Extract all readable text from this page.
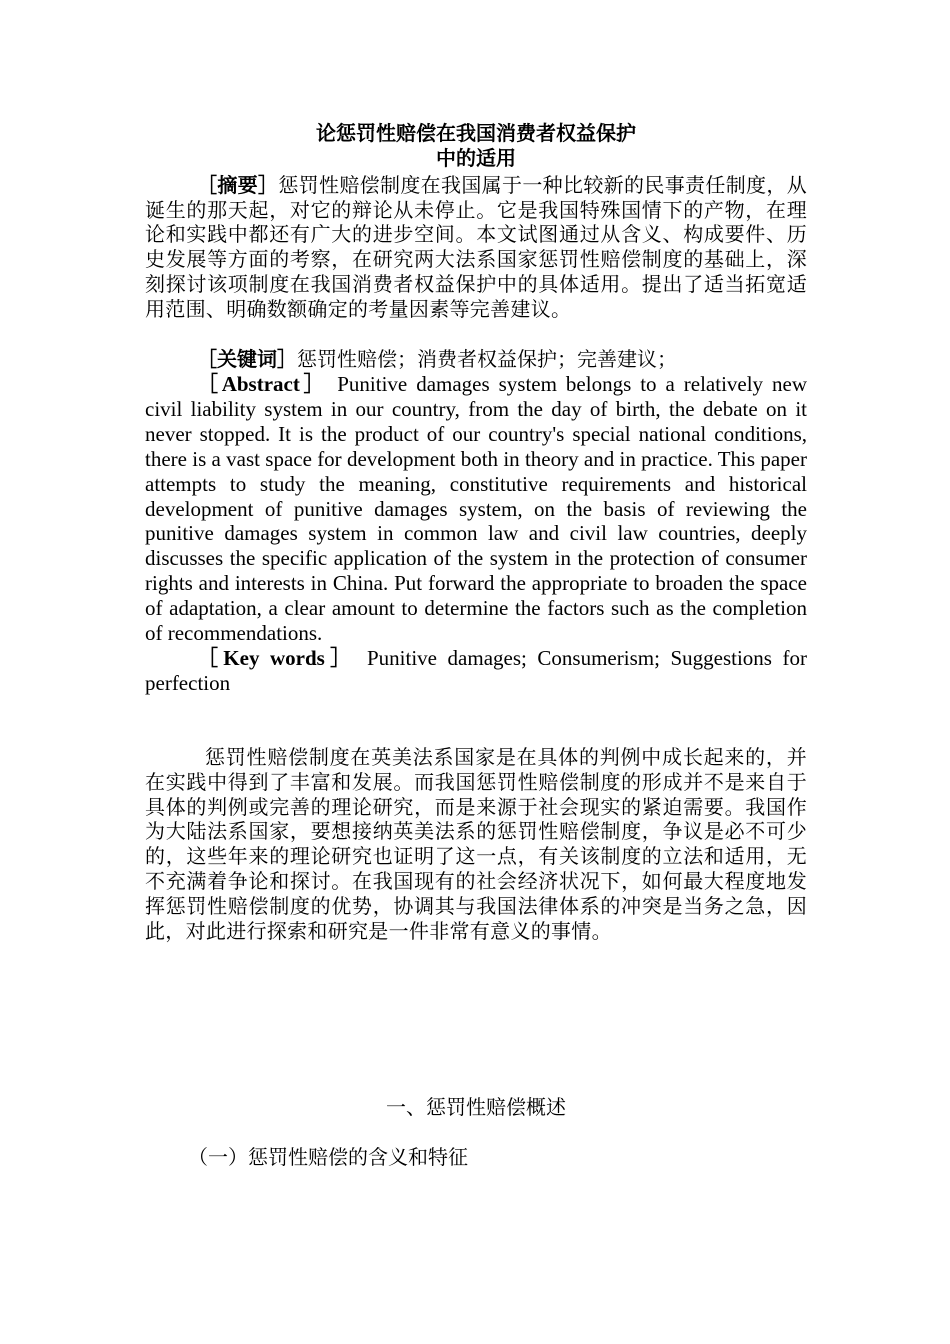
论惩罚性赔偿在我国消费者权益保护
中的适用
［摘要］惩罚性赔偿制度在我国属于一种比较新的民事责任制度，从诞生的那天起，对它的辩论从未停止。它是我国特殊国情下的产物，在理论和实践中都还有广大的进步空间。本文试图通过从含义、构成要件、历史发展等方面的考察，在研究两大法系国家惩罚性赔偿制度的基础上，深刻探讨该项制度在我国消费者权益保护中的具体适用。提出了适当拓宽适用范围、明确数额确定的考量因素等完善建议。
［关键词］惩罚性赔偿；消费者权益保护；完善建议；
［Abstract］ Punitive damages system belongs to a relatively new civil liability system in our country, from the day of birth, the debate on it never stopped. It is the product of our country's special national conditions, there is a vast space for development both in theory and in practice. This paper attempts to study the meaning, constitutive requirements and historical development of punitive damages system, on the basis of reviewing the punitive damages system in common law and civil law countries, deeply discusses the specific application of the system in the protection of consumer rights and interests in China. Put forward the appropriate to broaden the space of adaptation, a clear amount to determine the factors such as the completion of recommendations.
［Key words］ Punitive damages; Consumerism; Suggestions for perfection
惩罚性赔偿制度在英美法系国家是在具体的判例中成长起来的，并在实践中得到了丰富和发展。而我国惩罚性赔偿制度的形成并不是来自于具体的判例或完善的理论研究，而是来源于社会现实的紧迫需要。我国作为大陆法系国家，要想接纳英美法系的惩罚性赔偿制度，争议是必不可少的，这些年来的理论研究也证明了这一点，有关该制度的立法和适用，无不充满着争论和探讨。在我国现有的社会经济状况下，如何最大程度地发挥惩罚性赔偿制度的优势，协调其与我国法律体系的冲突是当务之急，因此，对此进行探索和研究是一件非常有意义的事情。
一、惩罚性赔偿概述
（一）惩罚性赔偿的含义和特征
